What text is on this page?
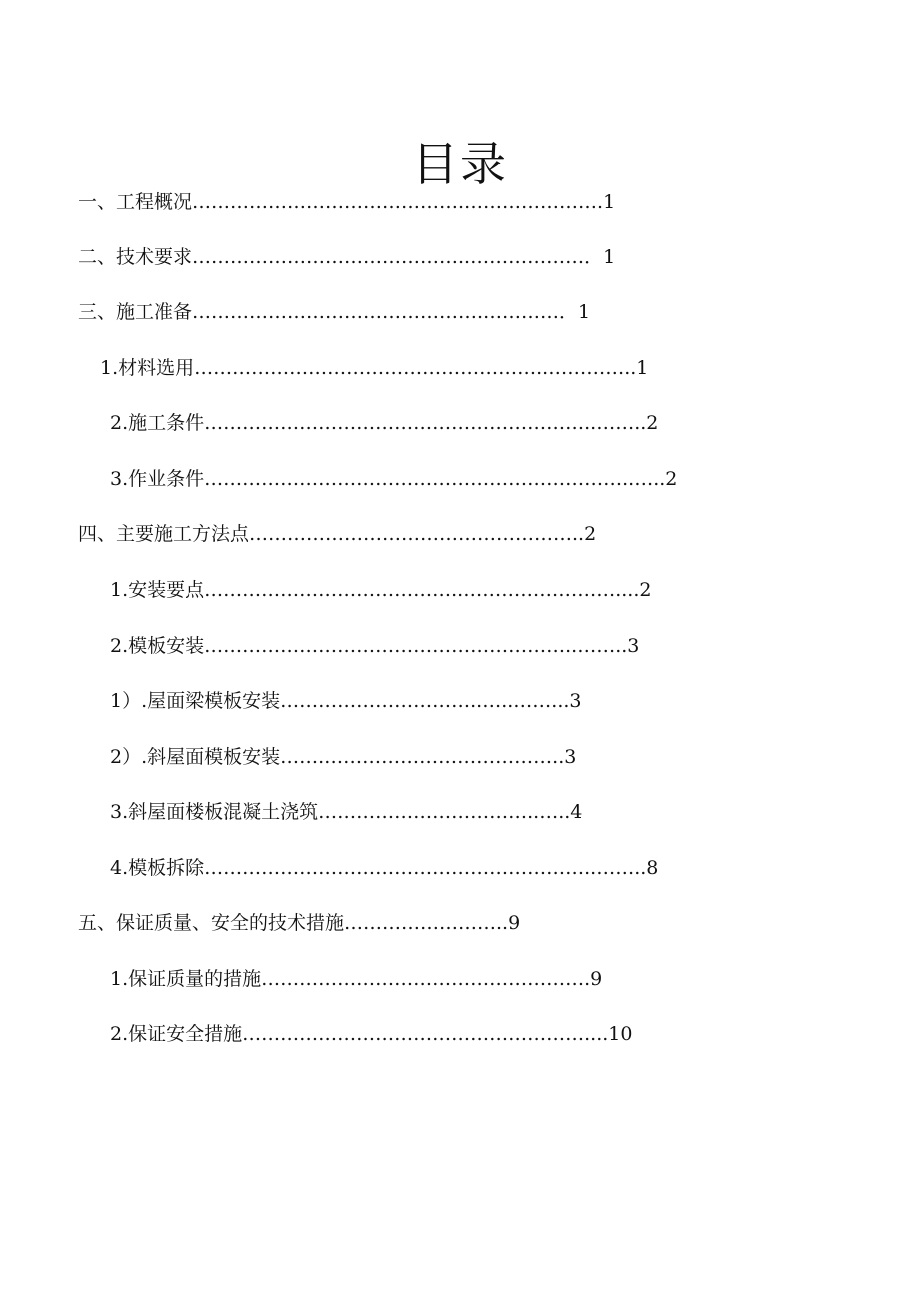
目录
一、工程概况…………………………………….………………….1
二、技术要求……………………………………..………………．1
三、施工准备……………………………………….…………．1
1.材料选用………………………………………………..…………..1
2.施工条件……………………………………………………..……..2
3.作业条件…………………………………………………………..…..2
四、主要施工方法点……………………………………………..2
1.安装要点…………………………………..……………………....2
2.模板安装…………………………………………………..……..3
1）.屋面梁模板安装…………………………..…..……...3
2）.斜屋面模板安装…….………………………………..3
3.斜屋面楼板混凝土浇筑……………………………..…..4
4.模板拆除……………………………………………………..……..8
五、保证质量、安全的技术措施……………………..9
1.保证质量的措施…………………………………………….9
2.保证安全措施………………………………………………....10
